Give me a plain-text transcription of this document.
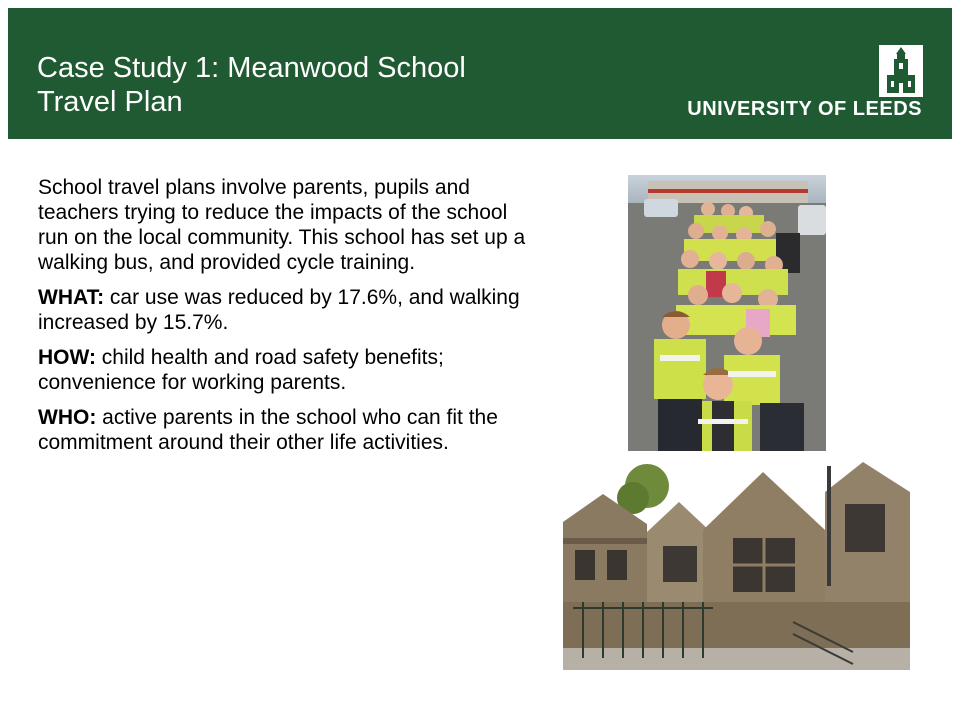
Case Study 1: Meanwood School
Travel Plan	UNIVERSITY OF LEEDS

School travel plans involve parents, pupils and teachers trying to reduce the impacts of the school run on the local community. This school has set up a walking bus, and provided cycle training.

WHAT: car use was reduced by 17.6%, and walking increased by 15.7%.

HOW: child health and road safety benefits; convenience for working parents.

WHO: active parents in the school who can fit the commitment around their other life activities.
